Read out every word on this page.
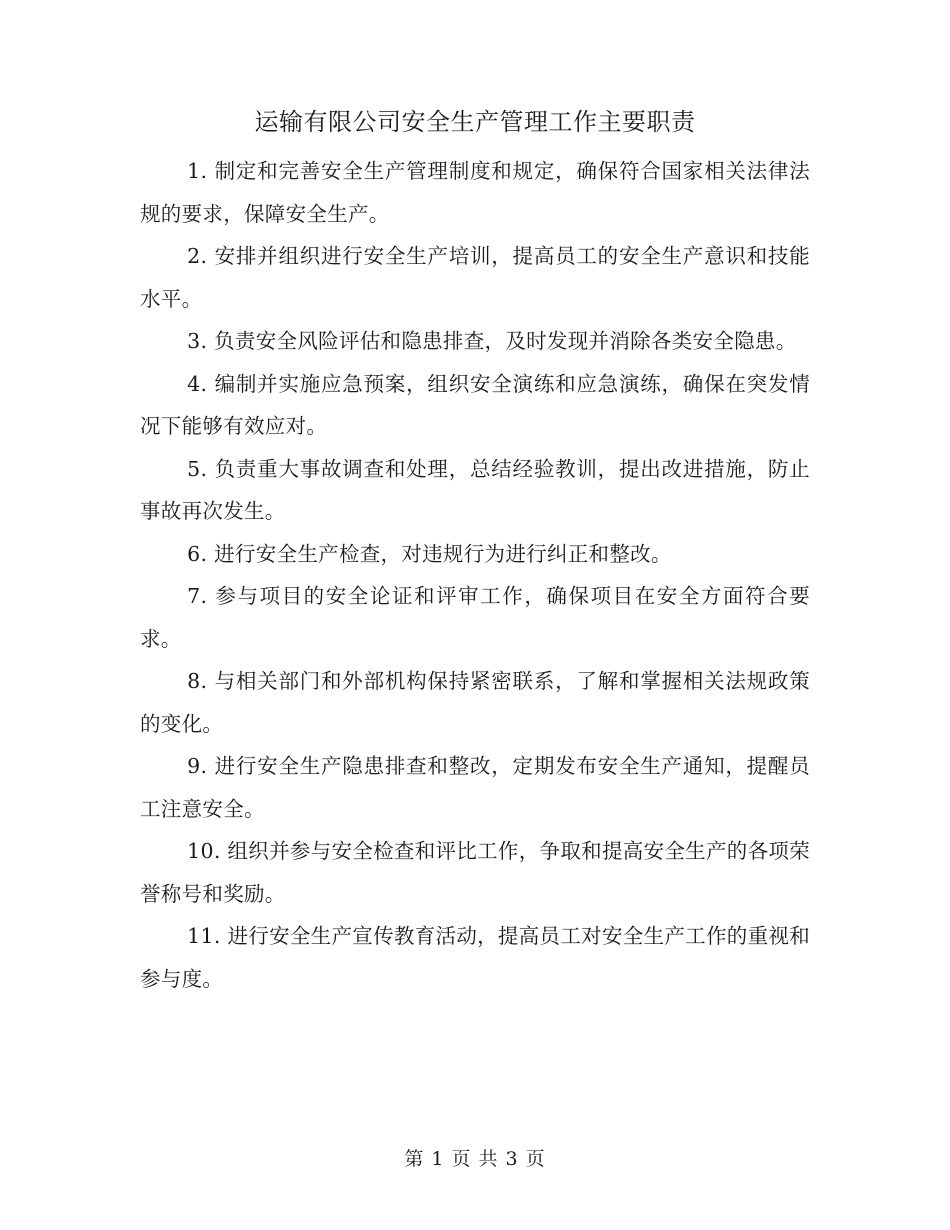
运输有限公司安全生产管理工作主要职责

1. 制定和完善安全生产管理制度和规定，确保符合国家相关法律法规的要求，保障安全生产。

2. 安排并组织进行安全生产培训，提高员工的安全生产意识和技能水平。

3. 负责安全风险评估和隐患排查，及时发现并消除各类安全隐患。

4. 编制并实施应急预案，组织安全演练和应急演练，确保在突发情况下能够有效应对。

5. 负责重大事故调查和处理，总结经验教训，提出改进措施，防止事故再次发生。

6. 进行安全生产检查，对违规行为进行纠正和整改。

7. 参与项目的安全论证和评审工作，确保项目在安全方面符合要求。

8. 与相关部门和外部机构保持紧密联系，了解和掌握相关法规政策的变化。

9. 进行安全生产隐患排查和整改，定期发布安全生产通知，提醒员工注意安全。

10. 组织并参与安全检查和评比工作，争取和提高安全生产的各项荣誉称号和奖励。

11. 进行安全生产宣传教育活动，提高员工对安全生产工作的重视和参与度。

第 1 页 共 3 页
